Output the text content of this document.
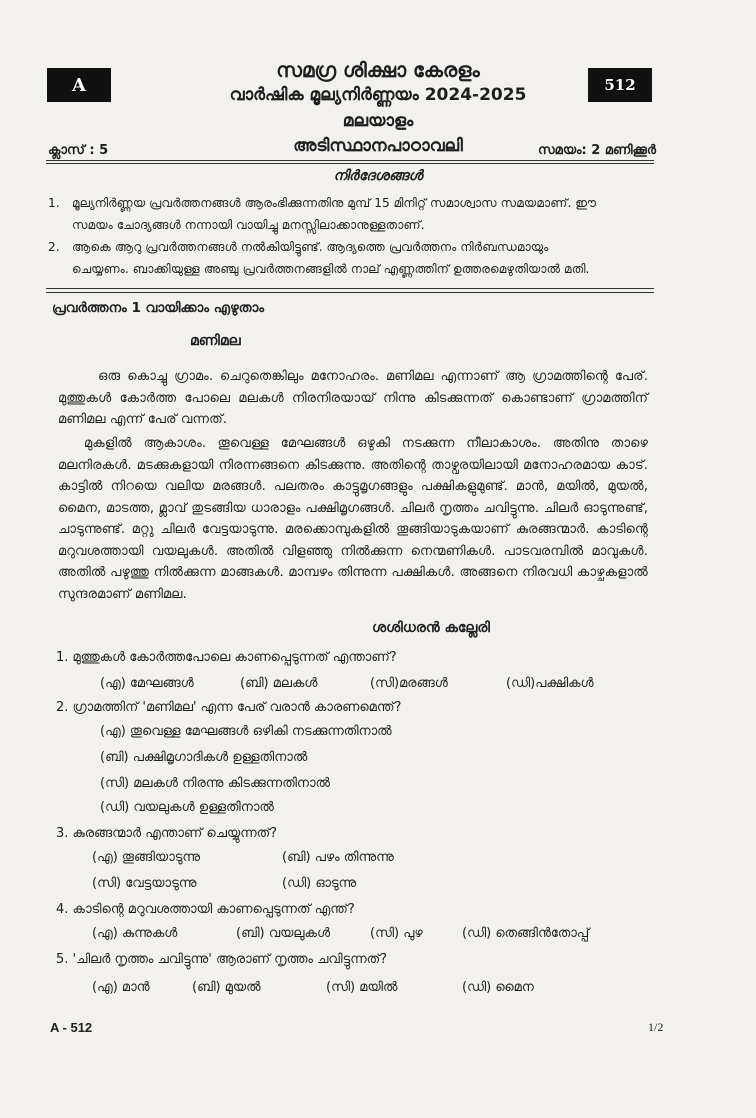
A	512
സമഗ്ര ശിക്ഷാ കേരളം
വാർഷിക മൂല്യനിർണ്ണയം 2024-2025
മലയാളം
ക്ലാസ് : 5	അടിസ്ഥാനപാഠാവലി	സമയം: 2 മണിക്കൂർ
നിർദേശങ്ങൾ
1. മൂല്യനിർണ്ണയ പ്രവർത്തനങ്ങൾ ആരംഭിക്കുന്നതിനു മുമ്പ് 15 മിനിറ്റ് സമാശ്വാസ സമയമാണ്. ഈ
സമയം ചോദ്യങ്ങൾ നന്നായി വായിച്ചു മനസ്സിലാക്കാനുള്ളതാണ്.
2. ആകെ ആറു പ്രവർത്തനങ്ങൾ നൽകിയിട്ടുണ്ട്. ആദ്യത്തെ പ്രവർത്തനം നിർബന്ധമായും
ചെയ്യണം. ബാക്കിയുള്ള അഞ്ചു പ്രവർത്തനങ്ങളിൽ നാല് എണ്ണത്തിന് ഉത്തരമെഴുതിയാൽ മതി.
പ്രവർത്തനം 1 വായിക്കാം എഴുതാം
മണിമല
ഒരു കൊച്ചു ഗ്രാമം. ചെറുതെങ്കിലും മനോഹരം. മണിമല എന്നാണ് ആ ഗ്രാമത്തിന്റെ പേര്. മുത്തുകൾ കോർത്ത പോലെ മലകൾ നിരനിരയായ് നിന്നു കിടക്കുന്നത് കൊണ്ടാണ് ഗ്രാമത്തിന് മണിമല എന്ന് പേര് വന്നത്.
മുകളിൽ ആകാശം. തൂവെള്ള മേഘങ്ങൾ ഒഴുകി നടക്കുന്ന നീലാകാശം. അതിനു താഴെ മലനിരകൾ. മടക്കുകളായി നിരന്നങ്ങനെ കിടക്കുന്നു. അതിന്റെ താഴ്വരയിലായി മനോഹരമായ കാട്. കാട്ടിൽ നിറയെ വലിയ മരങ്ങൾ. പലതരം കാട്ടുമൃഗങ്ങളും പക്ഷികളുമുണ്ട്. മാൻ, മയിൽ, മുയൽ, മൈന, മാടത്ത, മ്ലാവ് തുടങ്ങിയ ധാരാളം പക്ഷിമൃഗങ്ങൾ. ചിലർ നൃത്തം ചവിട്ടുന്നു. ചിലർ ഓടുന്നുണ്ട്, ചാടുന്നുണ്ട്. മറ്റു ചിലർ വേട്ടയാടുന്നു. മരക്കൊമ്പുകളിൽ തൂങ്ങിയാടുകയാണ് കുരങ്ങന്മാർ. കാടിന്റെ മറുവശത്തായി വയലുകൾ. അതിൽ വിളഞ്ഞു നിൽക്കുന്ന നെന്മണികൾ. പാടവരമ്പിൽ മാവുകൾ. അതിൽ പഴുത്തു നിൽക്കുന്ന മാങ്ങകൾ. മാമ്പഴം തിന്നുന്ന പക്ഷികൾ. അങ്ങനെ നിരവധി കാഴ്ചകളാൽ സുന്ദരമാണ് മണിമല.
ശശിധരൻ കല്ലേരി
1. മുത്തുകൾ കോർത്തപോലെ കാണപ്പെടുന്നത് എന്താണ്?
(എ) മേഘങ്ങൾ	(ബി) മലകൾ	(സി)മരങ്ങൾ	(ഡി)പക്ഷികൾ
2. ഗ്രാമത്തിന് 'മണിമല' എന്ന പേര് വരാൻ കാരണമെന്ത്?
(എ) തൂവെള്ള മേഘങ്ങൾ ഒഴികി നടക്കുന്നതിനാൽ
(ബി) പക്ഷിമൃഗാദികൾ ഉള്ളതിനാൽ
(സി) മലകൾ നിരന്നു കിടക്കുന്നതിനാൽ
(ഡി) വയലുകൾ ഉള്ളതിനാൽ
3. കുരങ്ങന്മാർ എന്താണ് ചെയ്യുന്നത്?
(എ) തൂങ്ങിയാടുന്നു	(ബി) പഴം തിന്നുന്നു
(സി) വേട്ടയാടുന്നു	(ഡി) ഓടുന്നു
4. കാടിന്റെ മറുവശത്തായി കാണപ്പെടുന്നത് എന്ത്?
(എ) കുന്നുകൾ	(ബി) വയലുകൾ	(സി) പുഴ	(ഡി) തെങ്ങിൻതോപ്പ്
5. 'ചിലർ നൃത്തം ചവിട്ടുന്നു' ആരാണ് നൃത്തം ചവിട്ടുന്നത്?
(എ) മാൻ	(ബി) മുയൽ	(സി) മയിൽ	(ഡി) മൈന
A - 512	1/2
